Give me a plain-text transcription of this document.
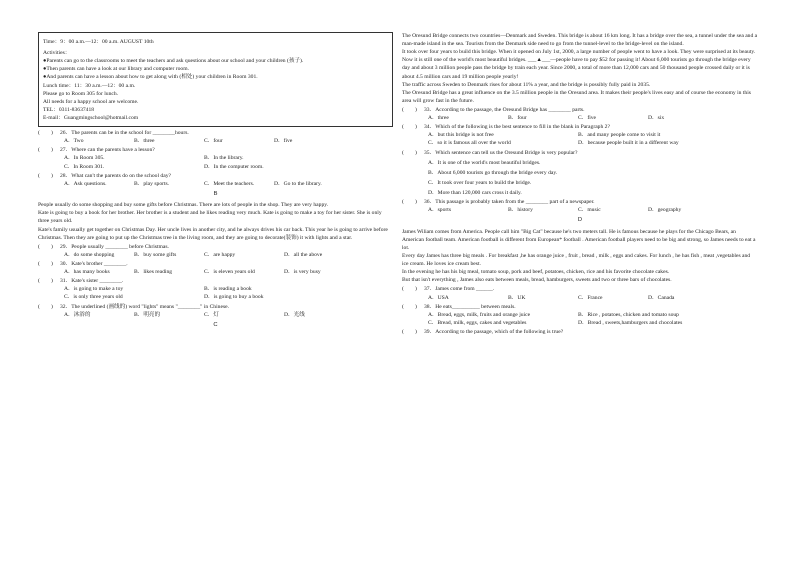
Time：9：00 a.m.—12：00 a.m. AUGUST 10th
Activities：
●Parents can go to the classrooms to meet the teachers and ask questions about our school and your children (孩子).
●Then parents can have a look at our library and computer room.
●And parents can have a lesson about how to get along with (相处) your children in Room 301.
Lunch time：11：30 a.m.—12：00 a.m.
Please go to Room 305 for lunch.
All needs for a happy school are welcome.
TEL：0311-83637418
E-mail：Guangmingschool@hotmail.com
(　　)	26．The parents can be in the school for ________hours.
A．Two	B．three	C．four	D．five
(　　)	27．Where can the parents have a lesson?
A．In Room 305.	B．In the library.
C．In Room 301.	D．In the computer room.
(　　)	28．What can't the parents do on the school day?
A．Ask questions.	B．play sports.	C．Meet the teachers.	D．Go to the library.
B

People usually do some shopping and buy some gifts before Christmas. There are lots of people in the shop. They are very happy.

Kate is going to buy a book for her brother. Her brother is a student and he likes reading very much. Kate is going to make a toy for her sister. She is only three years old.

Kate's family usually get together on Christmas Day. Her uncle lives in another city, and he always drives his car back. This year he is going to arrive before Christmas. Then they are going to put up the Christmas tree in the living room, and they are going to decorate(装饰) it with lights and a star.

(　　)	29．People usually ________ before Christmas.
A．do some shopping	B．buy some gifts	C．are happy	D．all the above
(　　)	30．Kate's brother ________.
A．has many books	B．likes reading	C．is eleven years old	D．is very busy
(　　)	31．Kate's sister ________.
A．is going to make a toy	B．is reading a book
C．is only three years old	D．is going to buy a book
(　　)	32．The underlined (画线的) word "lights" means "________" in Chinese.
A．沐浴的	B．明亮的	C．灯	D．光线
C

The Oresund Bridge connects two countries—Denmark and Sweden. This bridge is about 16 km long. It has a bridge over the sea, a tunnel under the sea and a man-made island in the sea. Tourists from the Denmark side need to go from the tunnel-level to the bridge-level on the island.

It took over four years to build this bridge. When it opened on July 1st, 2000, a large number of people went to have a look. They were surprised at its beauty. Now it is still one of the world's most beautiful bridges. ___▲___—people have to pay $52 for passing it! About 6,000 tourists go through the bridge every day and about 3 million people pass the bridge by train each year. Since 2000, a total of more than 12,000 cars and 50 thousand people crossed daily or it is about 4.5 million cars and 19 million people yearly!

The traffic across Sweden to Denmark rises for about 11% a year, and the bridge is possibly fully paid in 2035.

The Oresund Bridge has a great influence on the 3.5 million people in the Oresund area. It makes their people's lives easy and of course the economy in this area will grow fast in the future.

(　　)	33．According to the passage, the Oresund Bridge has ________ parts.
A．three	B．four	C．five	D．six
(　　)	34．Which of the following is the best sentence to fill in the blank in Paragraph 2?
A．but this bridge is not free	B．and many people come to visit it
C．so it is famous all over the world	D．because people built it in a different way
(　　)	35．Which sentence can tell us the Oresund Bridge is very popular?
A．It is one of the world's most beautiful bridges.
B．About 6,000 tourists go through the bridge every day.
C．It took over four years to build the bridge.
D．More than 120,000 cars cross it daily.
(　　)	36．This passage is probably taken from the ________ part of a newspaper.
A．sports	B．history	C．music	D．geography
D

James Wiliam comes from America. People call him "Big Cat" because he's two meters tall. He is famous because he plays for the Chicago Bears, an American football team. American football is different from European* football . American football players need to be big and strong, so James needs to eat a lot.

Every day James has three big meals . For breakfast ,he has orange juice , fruit , bread , milk , eggs and cakes. For lunch , he has fish , meat ,vegetables and ice cream. He loves ice cream best.

In the evening he has his big meal, tomato soup, pork and beef, potatoes, chicken, rice and his favorite chocolate cakes.

But that isn't everything , James also eats between meals, bread, hamburgers, sweets and two or three bars of chocolates.

(　　)	37．James come from ______.
A．USA	B．UK	C．France	D．Canada
(　　)	38．He eats__________ between meals.
A．Bread, eggs, milk, fruits and orange juice	B．Rice , potatoes, chicken and tomato soup
C．Bread, milk, eggs, cakes and vegetables	D．Bread , sweets,hamburgers and chocolates
(　　)	39．According to the passage, which of the following is true?
